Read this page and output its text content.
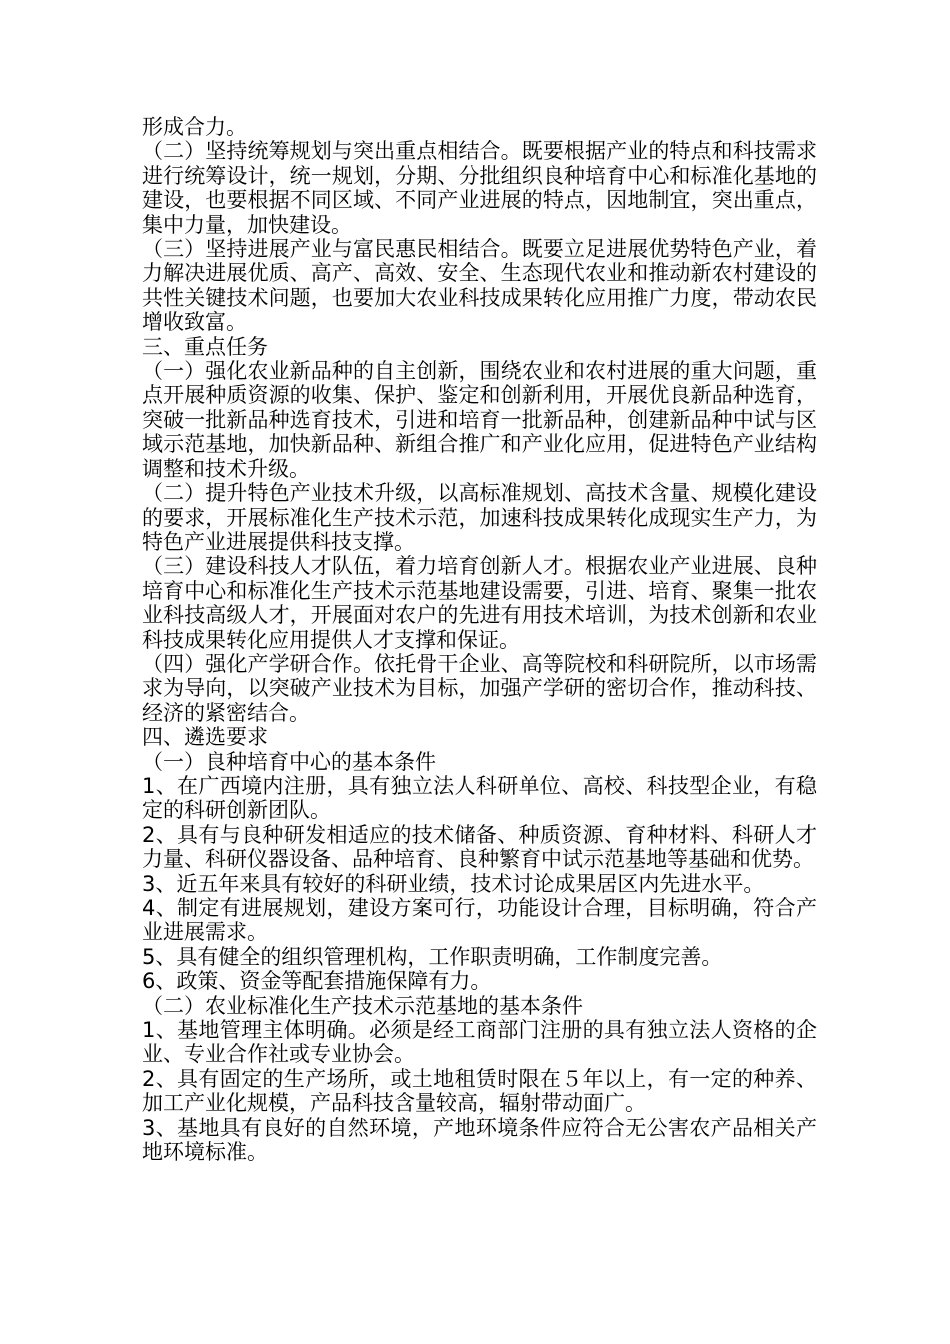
形成合力。

（二）坚持统筹规划与突出重点相结合。既要根据产业的特点和科技需求进行统筹设计，统一规划，分期、分批组织良种培育中心和标准化基地的建设，也要根据不同区域、不同产业进展的特点，因地制宜，突出重点，集中力量，加快建设。

（三）坚持进展产业与富民惠民相结合。既要立足进展优势特色产业，着力解决进展优质、高产、高效、安全、生态现代农业和推动新农村建设的共性关键技术问题，也要加大农业科技成果转化应用推广力度，带动农民增收致富。

三、重点任务

（一）强化农业新品种的自主创新，围绕农业和农村进展的重大问题，重点开展种质资源的收集、保护、鉴定和创新利用，开展优良新品种选育，突破一批新品种选育技术，引进和培育一批新品种，创建新品种中试与区域示范基地，加快新品种、新组合推广和产业化应用，促进特色产业结构调整和技术升级。

（二）提升特色产业技术升级，以高标准规划、高技术含量、规模化建设的要求，开展标准化生产技术示范，加速科技成果转化成现实生产力，为特色产业进展提供科技支撑。

（三）建设科技人才队伍，着力培育创新人才。根据农业产业进展、良种培育中心和标准化生产技术示范基地建设需要，引进、培育、聚集一批农业科技高级人才，开展面对农户的先进有用技术培训，为技术创新和农业科技成果转化应用提供人才支撑和保证。

（四）强化产学研合作。依托骨干企业、高等院校和科研院所，以市场需求为导向，以突破产业技术为目标，加强产学研的密切合作，推动科技、经济的紧密结合。

四、遴选要求

（一）良种培育中心的基本条件

1、在广西境内注册，具有独立法人科研单位、高校、科技型企业，有稳定的科研创新团队。

2、具有与良种研发相适应的技术储备、种质资源、育种材料、科研人才力量、科研仪器设备、品种培育、良种繁育中试示范基地等基础和优势。

3、近五年来具有较好的科研业绩，技术讨论成果居区内先进水平。

4、制定有进展规划，建设方案可行，功能设计合理，目标明确，符合产业进展需求。

5、具有健全的组织管理机构，工作职责明确，工作制度完善。

6、政策、资金等配套措施保障有力。

（二）农业标准化生产技术示范基地的基本条件

1、基地管理主体明确。必须是经工商部门注册的具有独立法人资格的企业、专业合作社或专业协会。

2、具有固定的生产场所，或土地租赁时限在５年以上，有一定的种养、加工产业化规模，产品科技含量较高，辐射带动面广。

3、基地具有良好的自然环境，产地环境条件应符合无公害农产品相关产地环境标准。
